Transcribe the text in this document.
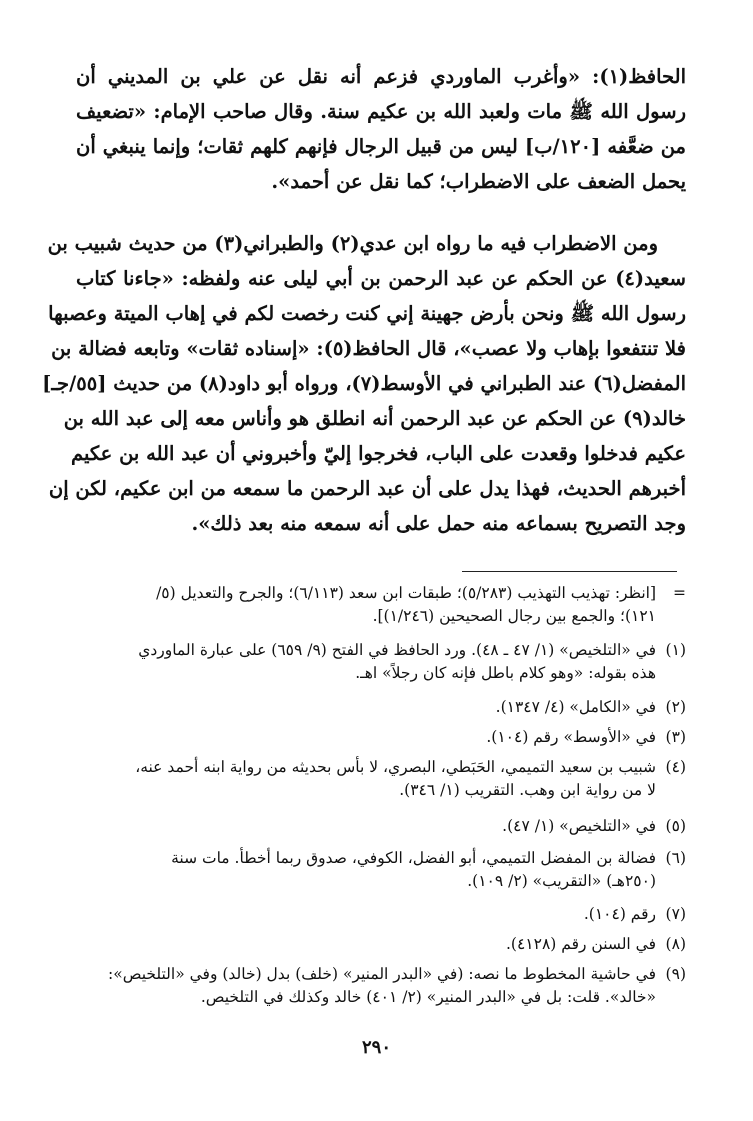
الحافظ(١): «وأغرب الماوردي فزعم أنه نقل عن علي بن المديني أن
رسول الله ﷺ مات ولعبد الله بن عكيم سنة. وقال صاحب الإمام: «تضعيف
من ضعَّفه [١٢٠/ب] ليس من قبيل الرجال فإنهم كلهم ثقات؛ وإنما ينبغي أن
يحمل الضعف على الاضطراب؛ كما نقل عن أحمد».
ومن الاضطراب فيه ما رواه ابن عدي(٢) والطبراني(٣) من حديث شبيب بن
سعيد(٤) عن الحكم عن عبد الرحمن بن أبي ليلى عنه ولفظه: «جاءنا كتاب
رسول الله ﷺ ونحن بأرض جهينة إني كنت رخصت لكم في إهاب الميتة وعصبها
فلا تنتفعوا بإهاب ولا عصب»، قال الحافظ(٥): «إسناده ثقات» وتابعه فضالة بن
المفضل(٦) عند الطبراني في الأوسط(٧)، ورواه أبو داود(٨) من حديث [٥٥/جـ]
خالد(٩) عن الحكم عن عبد الرحمن أنه انطلق هو وأناس معه إلى عبد الله بن
عكيم فدخلوا وقعدت على الباب، فخرجوا إليّ وأخبروني أن عبد الله بن عكيم
أخبرهم الحديث، فهذا يدل على أن عبد الرحمن ما سمعه من ابن عكيم، لكن إن
وجد التصريح بسماعه منه حمل على أنه سمعه منه بعد ذلك».
=
[انظر: تهذيب التهذيب (٥/٢٨٣)؛ طبقات ابن سعد (٦/١١٣)؛ والجرح والتعديل (٥/
١٢١)؛ والجمع بين رجال الصحيحين (١/٢٤٦)].
(١)
في «التلخيص» (١/ ٤٧ ـ ٤٨). ورد الحافظ في الفتح (٩/ ٦٥٩) على عبارة الماوردي
هذه بقوله: «وهو كلام باطل فإنه كان رجلاً» اهـ.
(٢)
في «الكامل» (٤/ ١٣٤٧).
(٣)
في «الأوسط» رقم (١٠٤).
(٤)
شبيب بن سعيد التميمي، الحَبَطي، البصري، لا بأس بحديثه من رواية ابنه أحمد عنه،
لا من رواية ابن وهب. التقريب (١/ ٣٤٦).
(٥)
في «التلخيص» (١/ ٤٧).
(٦)
فضالة بن المفضل التميمي، أبو الفضل، الكوفي، صدوق ربما أخطأ. مات سنة
(٢٥٠هـ) «التقريب» (٢/ ١٠٩).
(٧)
رقم (١٠٤).
(٨)
في السنن رقم (٤١٢٨).
(٩)
في حاشية المخطوط ما نصه: (في «البدر المنير» (خلف) بدل (خالد) وفي «التلخيص»:
«خالد». قلت: بل في «البدر المنير» (٢/ ٤٠١) خالد وكذلك في التلخيص.
٢٩٠
